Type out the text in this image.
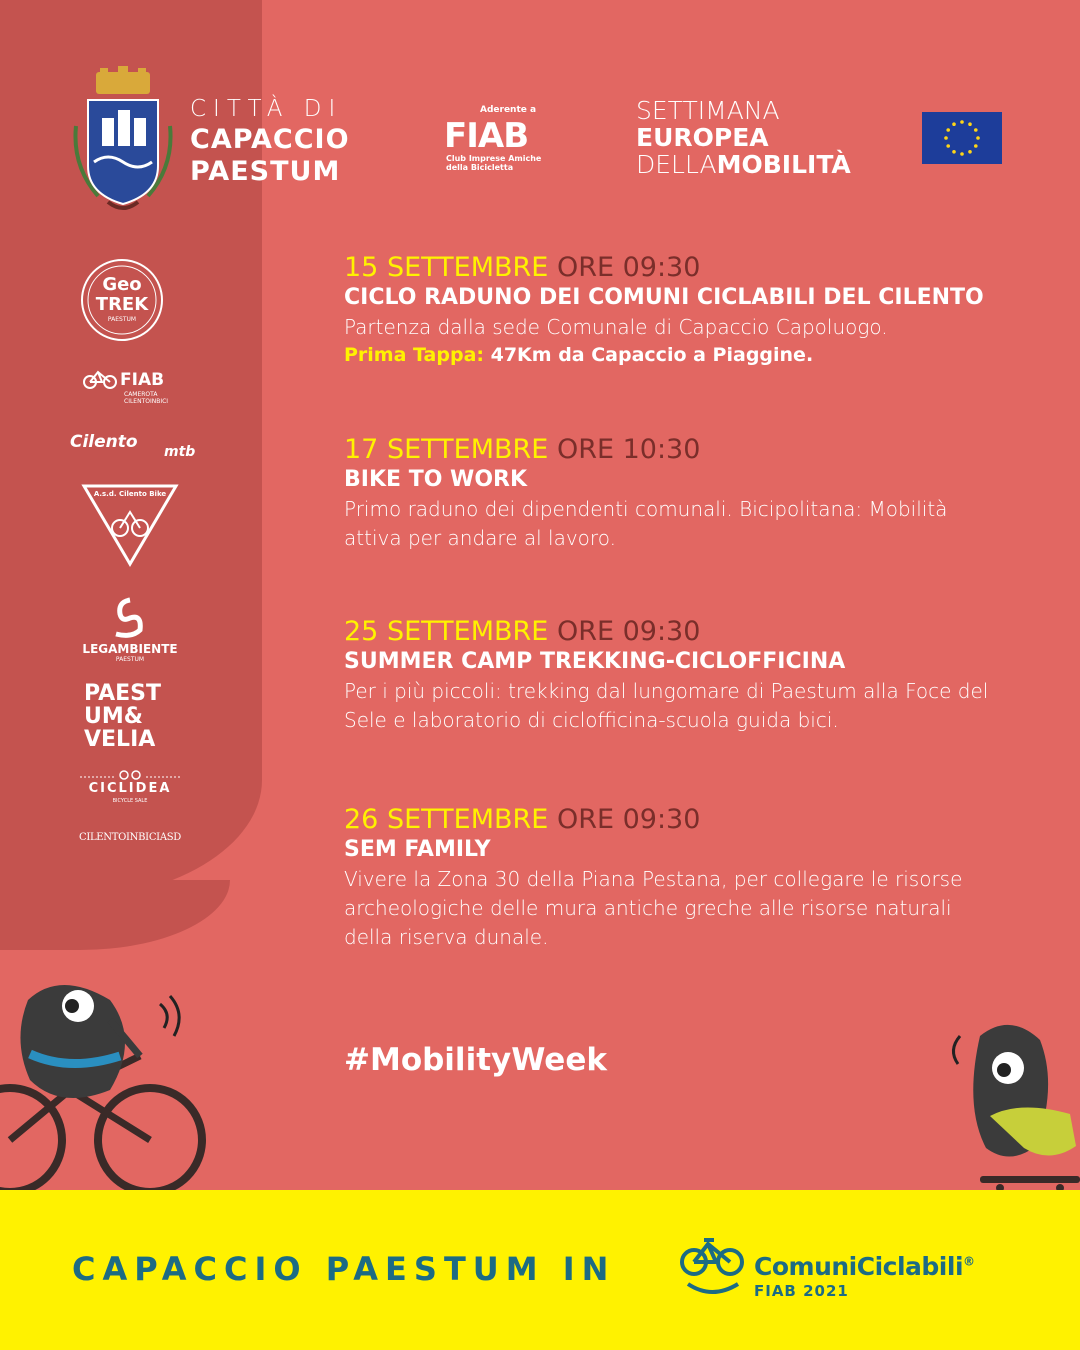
CITTÀ DI
CAPACCIO
PAESTUM
Aderente a
FIAB
Club Imprese Amiche
della Bicicletta
SETTIMANA
EUROPEA
DELLAMOBILITÀ
Geo
TREK
PAESTUM
FIAB
CAMEROTA
CILENTOINBICI
Cilento mtb
A.s.d. Cilento Bike
LEGAMBIENTE
PAESTUM
PAEST
UM&
VELIA
CICLIDEA
BICYCLE SALE
CILENTOINBICIASD
15 SETTEMBRE ORE 09:30
CICLO RADUNO DEI COMUNI CICLABILI DEL CILENTO
Partenza dalla sede Comunale di Capaccio Capoluogo.
Prima Tappa: 47Km da Capaccio a Piaggine.
17 SETTEMBRE ORE 10:30
BIKE TO WORK
Primo raduno dei dipendenti comunali. Bicipolitana: Mobilità attiva per andare al lavoro.
25 SETTEMBRE ORE 09:30
SUMMER CAMP TREKKING-CICLOFFICINA
Per i più piccoli: trekking dal lungomare di Paestum alla Foce del Sele e laboratorio di ciclofficina-scuola guida bici.
26 SETTEMBRE ORE 09:30
SEM FAMILY
Vivere la Zona 30 della Piana Pestana, per collegare le risorse archeologiche delle mura antiche greche alle risorse naturali della riserva dunale.
#MobilityWeek
CAPACCIO PAESTUM IN	ComuniCiclabili®
FIAB 2021
